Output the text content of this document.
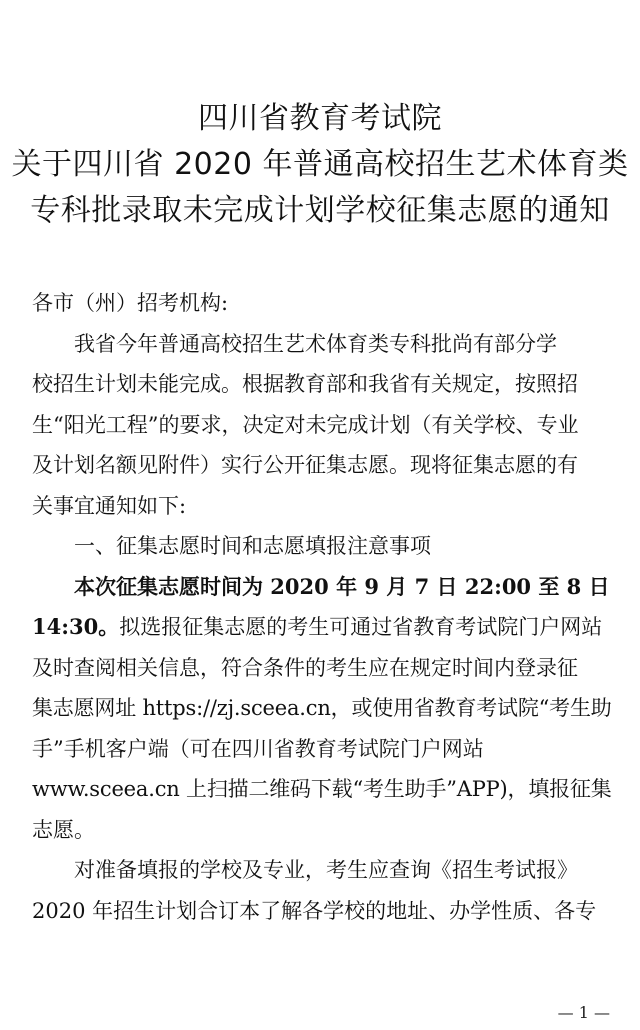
四川省教育考试院
关于四川省 2020 年普通高校招生艺术体育类
专科批录取未完成计划学校征集志愿的通知
各市（州）招考机构:
我省今年普通高校招生艺术体育类专科批尚有部分学
校招生计划未能完成。根据教育部和我省有关规定，按照招
生“阳光工程”的要求，决定对未完成计划（有关学校、专业
及计划名额见附件）实行公开征集志愿。现将征集志愿的有
关事宜通知如下:
一、征集志愿时间和志愿填报注意事项
本次征集志愿时间为 2020 年 9 月 7 日 22:00 至 8 日
14:30。拟选报征集志愿的考生可通过省教育考试院门户网站
及时查阅相关信息，符合条件的考生应在规定时间内登录征
集志愿网址 https://zj.sceea.cn，或使用省教育考试院“考生助
手”手机客户端（可在四川省教育考试院门户网站
www.sceea.cn 上扫描二维码下载“考生助手”APP)，填报征集
志愿。
对准备填报的学校及专业，考生应查询《招生考试报》
2020 年招生计划合订本了解各学校的地址、办学性质、各专
— 1 —
